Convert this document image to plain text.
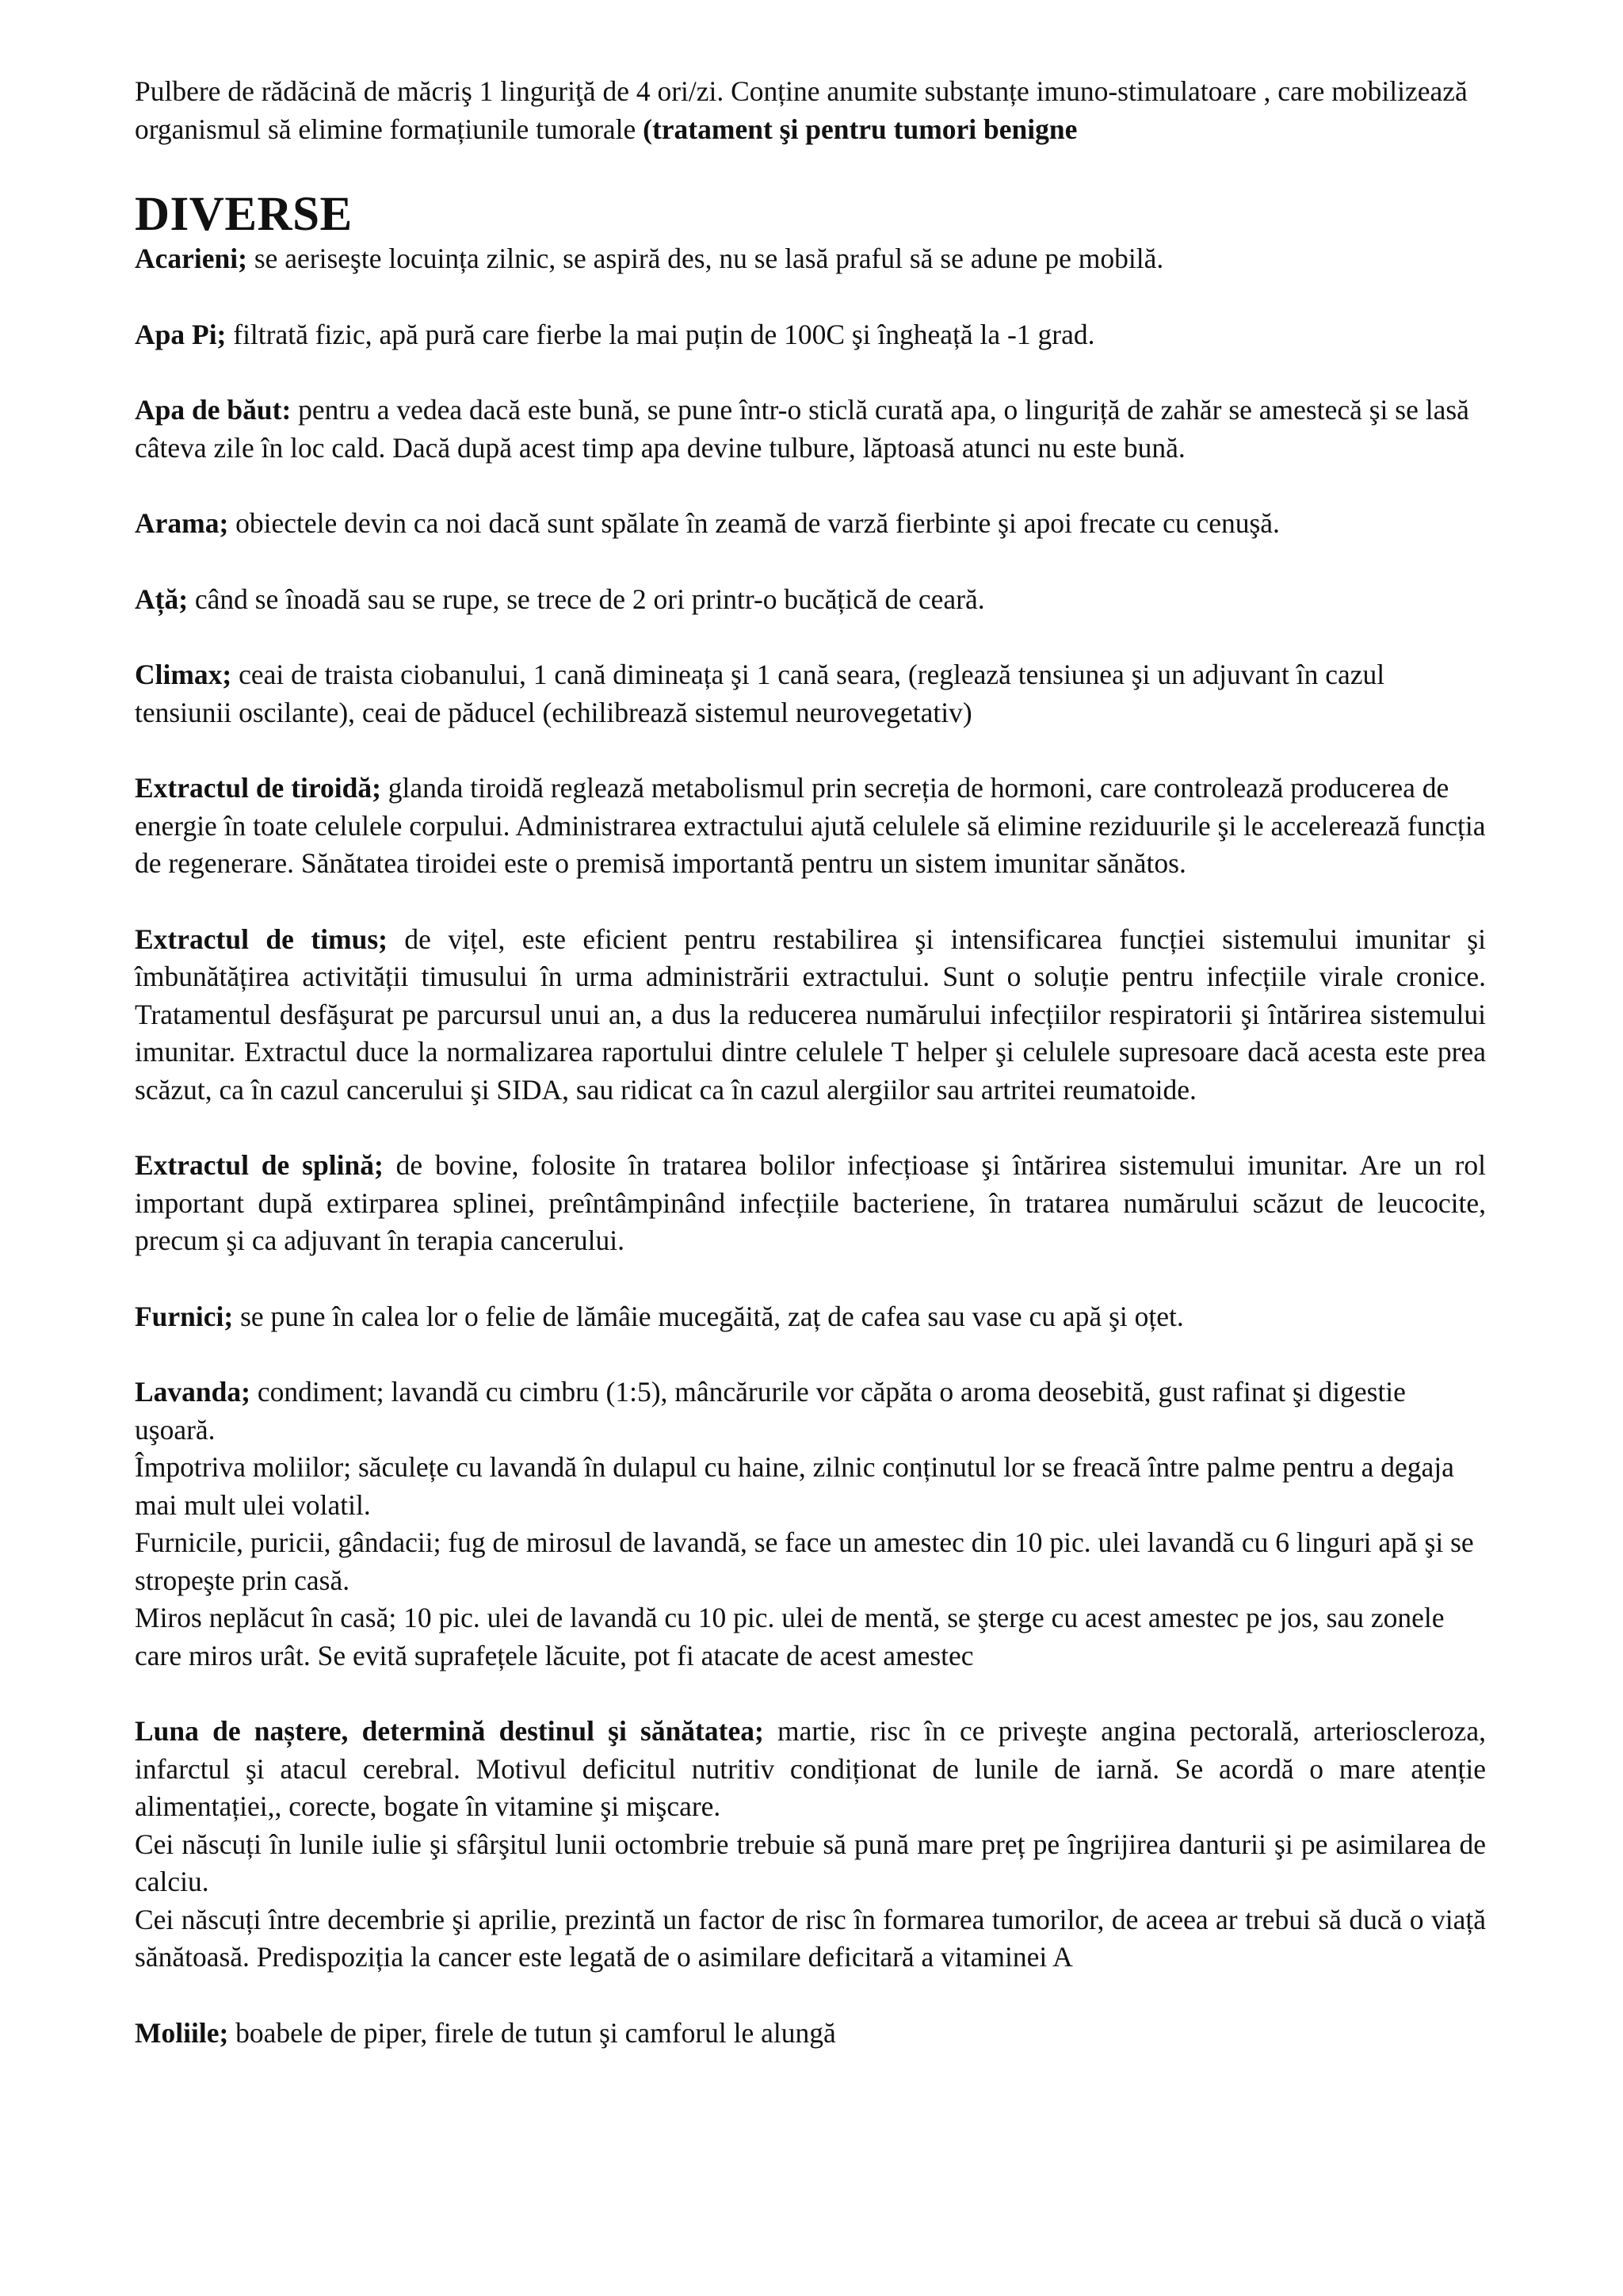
Pulbere de rădăcină de măcriş 1 linguriţă de 4 ori/zi. Conține anumite substanțe imuno-stimulatoare , care mobilizează organismul să elimine formațiunile tumorale (tratament şi pentru tumori benigne

DIVERSE

Acarieni; se aeriseşte locuința zilnic, se aspiră des, nu se lasă praful să se adune pe mobilă.

Apa Pi; filtrată fizic, apă pură care fierbe la mai puțin de 100C şi îngheață la -1 grad.

Apa de băut: pentru a vedea dacă este bună, se pune într-o sticlă curată apa, o linguriță de zahăr se amestecă şi se lasă câteva zile în loc cald. Dacă după acest timp apa devine tulbure, lăptoasă atunci nu este bună.

Arama; obiectele devin ca noi dacă sunt spălate în zeamă de varză fierbinte şi apoi frecate cu cenuşă.

Ață; când se înoadă sau se rupe, se trece de 2 ori printr-o bucățică de ceară.

Climax; ceai de traista ciobanului, 1 cană dimineața şi 1 cană seara, (reglează tensiunea şi un adjuvant în cazul tensiunii oscilante), ceai de păducel (echilibrează sistemul neurovegetativ)

Extractul de tiroidă; glanda tiroidă reglează metabolismul prin secreția de hormoni, care controlează producerea de energie în toate celulele corpului. Administrarea extractului ajută celulele să elimine reziduurile şi le accelerează funcția de regenerare. Sănătatea tiroidei este o premisă importantă pentru un sistem imunitar sănătos.

Extractul de timus; de vițel, este eficient pentru restabilirea şi intensificarea funcției sistemului imunitar şi îmbunătățirea activității timusului în urma administrării extractului. Sunt o soluție pentru infecțiile virale cronice. Tratamentul desfăşurat pe parcursul unui an, a dus la reducerea numărului infecțiilor respiratorii şi întărirea sistemului imunitar. Extractul duce la normalizarea raportului dintre celulele T helper şi celulele supresoare dacă acesta este prea scăzut, ca în cazul cancerului şi SIDA, sau ridicat ca în cazul alergiilor sau artritei reumatoide.

Extractul de splină; de bovine, folosite în tratarea bolilor infecțioase şi întărirea sistemului imunitar. Are un rol important după extirparea splinei, preîntâmpinând infecțiile bacteriene, în tratarea numărului scăzut de leucocite, precum şi ca adjuvant în terapia cancerului.

Furnici; se pune în calea lor o felie de lămâie mucegăită, zaț de cafea sau vase cu apă şi oțet.

Lavanda; condiment; lavandă cu cimbru (1:5), mâncărurile vor căpăta o aroma deosebită, gust rafinat şi digestie uşoară.

Împotriva moliilor; săculețe cu lavandă în dulapul cu haine, zilnic conținutul lor se freacă între palme pentru a degaja mai mult ulei volatil.

Furnicile, puricii, gândacii; fug de mirosul de lavandă, se face un amestec din 10 pic. ulei lavandă cu 6 linguri apă şi se stropeşte prin casă.

Miros neplăcut în casă; 10 pic. ulei de lavandă cu 10 pic. ulei de mentă, se şterge cu acest amestec pe jos, sau zonele care miros urât. Se evită suprafețele lăcuite, pot fi atacate de acest amestec

Luna de naștere, determină destinul şi sănătatea; martie, risc în ce priveşte angina pectorală, arterioscleroza, infarctul şi atacul cerebral. Motivul deficitul nutritiv condiționat de lunile de iarnă. Se acordă o mare atenție alimentației,, corecte, bogate în vitamine şi mişcare.

Cei născuți în lunile iulie şi sfârşitul lunii octombrie trebuie să pună mare preț pe îngrijirea danturii şi pe asimilarea de calciu.

Cei născuți între decembrie şi aprilie, prezintă un factor de risc în formarea tumorilor, de aceea ar trebui să ducă o viață sănătoasă. Predispoziția la cancer este legată de o asimilare deficitară a vitaminei A

Moliile; boabele de piper, firele de tutun şi camforul le alungă
